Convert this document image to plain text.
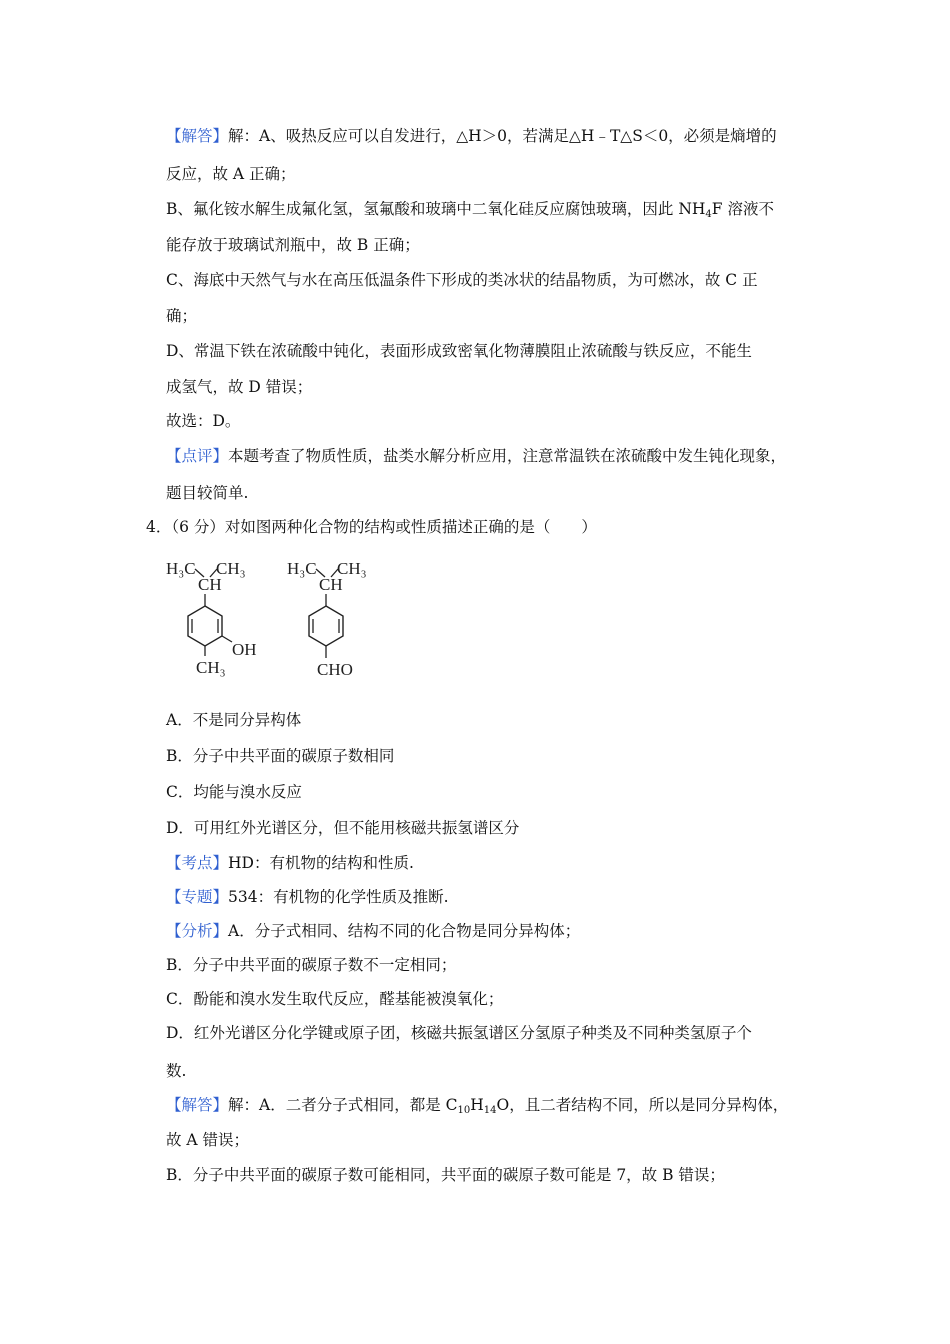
【解答】解：A、吸热反应可以自发进行，△H＞0，若满足△H﹣T△S＜0，必须是熵增的
反应，故 A 正确；
B、氟化铵水解生成氟化氢，氢氟酸和玻璃中二氧化硅反应腐蚀玻璃，因此 $NH_4F$ 溶液不
能存放于玻璃试剂瓶中，故 B 正确；
C、海底中天然气与水在高压低温条件下形成的类冰状的结晶物质，为可燃冰，故 C 正
确；
D、常温下铁在浓硫酸中钝化，表面形成致密氧化物薄膜阻止浓硫酸与铁反应，不能生
成氢气，故 D 错误；
故选：D。
【点评】本题考查了物质性质，盐类水解分析应用，注意常温铁在浓硫酸中发生钝化现象，
题目较简单.
4．（6 分）对如图两种化合物的结构或性质描述正确的是（　　）
H₃C CH₃
CH
OH
CH₃
H₃C CH₃
CH
CHO
A．不是同分异构体
B．分子中共平面的碳原子数相同
C．均能与溴水反应
D．可用红外光谱区分，但不能用核磁共振氢谱区分
【考点】HD：有机物的结构和性质.
【专题】534：有机物的化学性质及推断.
【分析】A．分子式相同、结构不同的化合物是同分异构体；
B．分子中共平面的碳原子数不一定相同；
C．酚能和溴水发生取代反应，醛基能被溴氧化；
D．红外光谱区分化学键或原子团，核磁共振氢谱区分氢原子种类及不同种类氢原子个
数.
【解答】解：A．二者分子式相同，都是 $C_{10}H_{14}O$，且二者结构不同，所以是同分异构体，
故 A 错误；
B．分子中共平面的碳原子数可能相同，共平面的碳原子数可能是 7，故 B 错误；
